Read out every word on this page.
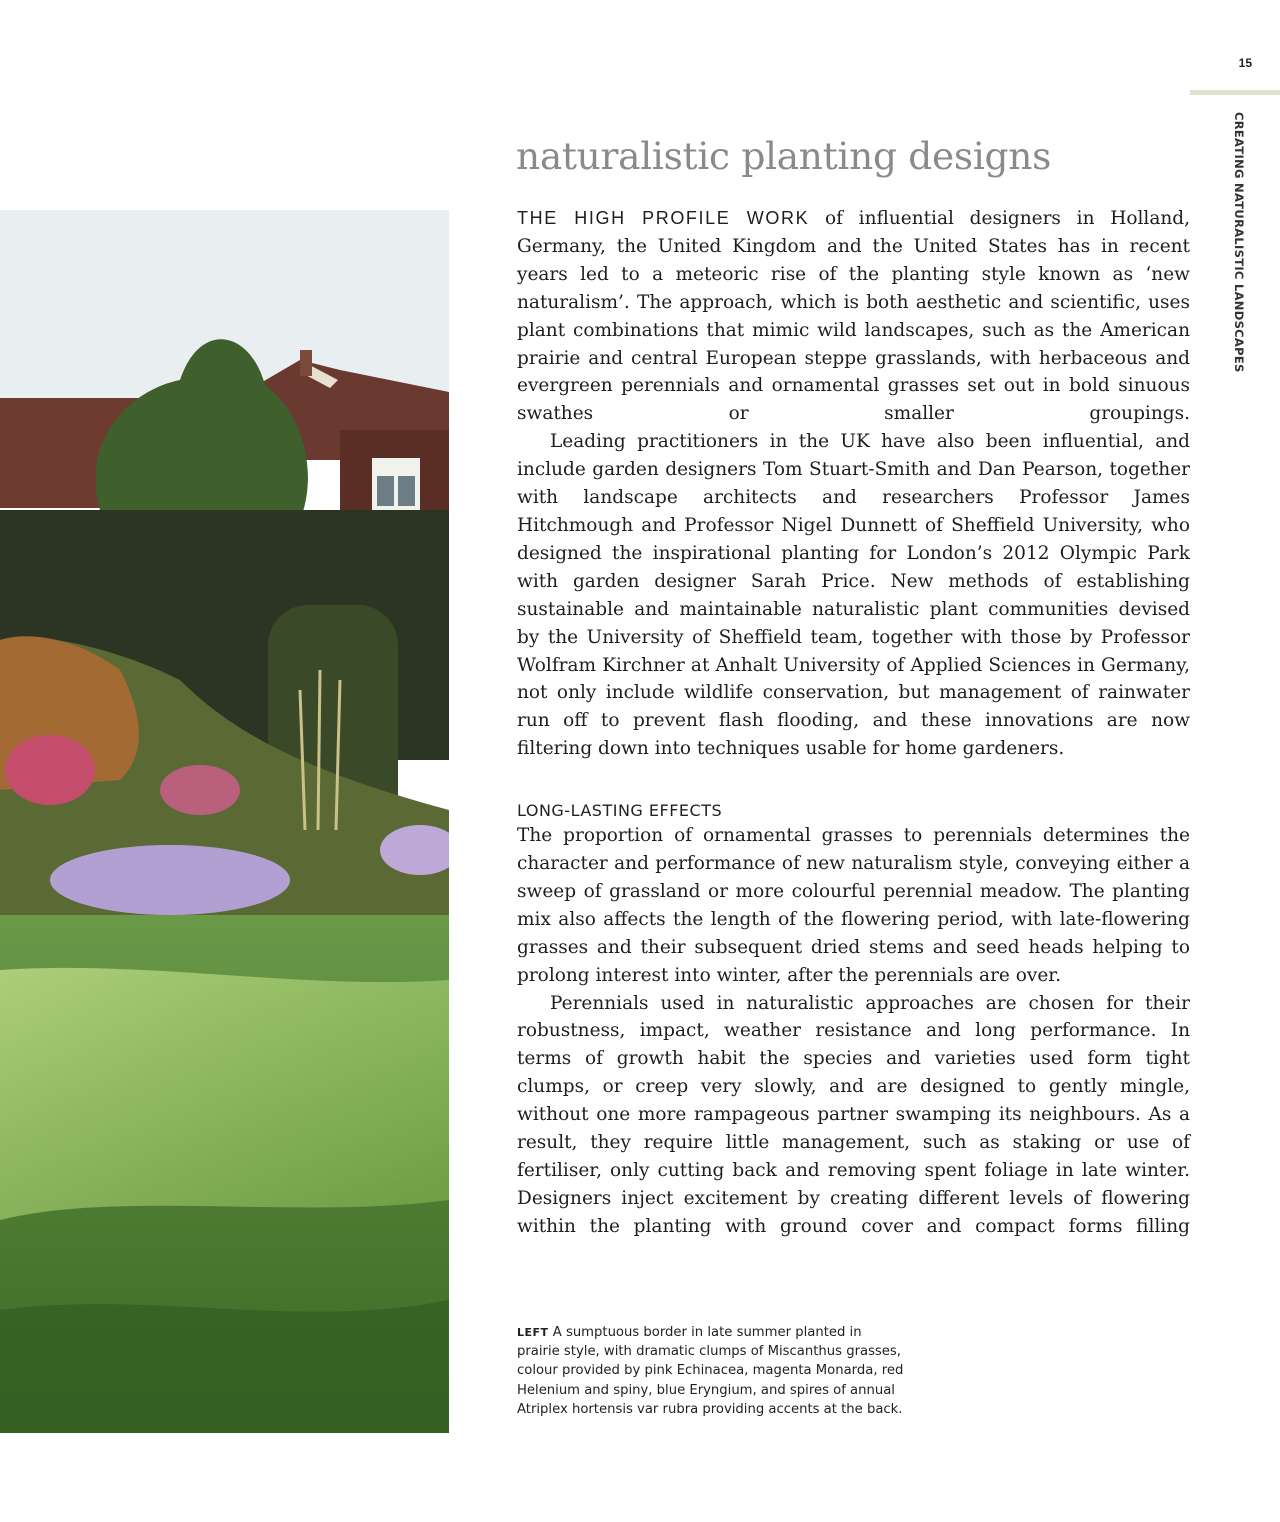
15
CREATING NATURALISTIC LANDSCAPES
naturalistic planting designs

THE HIGH PROFILE WORK of influential designers in Holland, Germany, the United Kingdom and the United States has in recent years led to a meteoric rise of the planting style known as ‘new naturalism’. The approach, which is both aesthetic and scientific, uses plant combinations that mimic wild landscapes, such as the American prairie and central European steppe grasslands, with herbaceous and evergreen perennials and ornamental grasses set out in bold sinuous swathes or smaller groupings.

Leading practitioners in the UK have also been influential, and include garden designers Tom Stuart-Smith and Dan Pearson, together with landscape architects and researchers Professor James Hitchmough and Professor Nigel Dunnett of Sheffield University, who designed the inspirational planting for London’s 2012 Olympic Park with garden designer Sarah Price. New methods of establishing sustainable and maintainable naturalistic plant communities devised by the University of Sheffield team, together with those by Professor Wolfram Kirchner at Anhalt University of Applied Sciences in Germany, not only include wildlife conservation, but management of rainwater run off to prevent flash flooding, and these innovations are now filtering down into techniques usable for home gardeners.

LONG-LASTING EFFECTS

The proportion of ornamental grasses to perennials determines the character and performance of new naturalism style, conveying either a sweep of grassland or more colourful perennial meadow. The planting mix also affects the length of the flowering period, with late-flowering grasses and their subsequent dried stems and seed heads helping to prolong interest into winter, after the perennials are over.

Perennials used in naturalistic approaches are chosen for their robustness, impact, weather resistance and long performance. In terms of growth habit the species and varieties used form tight clumps, or creep very slowly, and are designed to gently mingle, without one more rampageous partner swamping its neighbours. As a result, they require little management, such as staking or use of fertiliser, only cutting back and removing spent foliage in late winter. Designers inject excitement by creating different levels of flowering within the planting with ground cover and compact forms filling

LEFT A sumptuous border in late summer planted in prairie style, with dramatic clumps of Miscanthus grasses, colour provided by pink Echinacea, magenta Monarda, red Helenium and spiny, blue Eryngium, and spires of annual Atriplex hortensis var rubra providing accents at the back.
